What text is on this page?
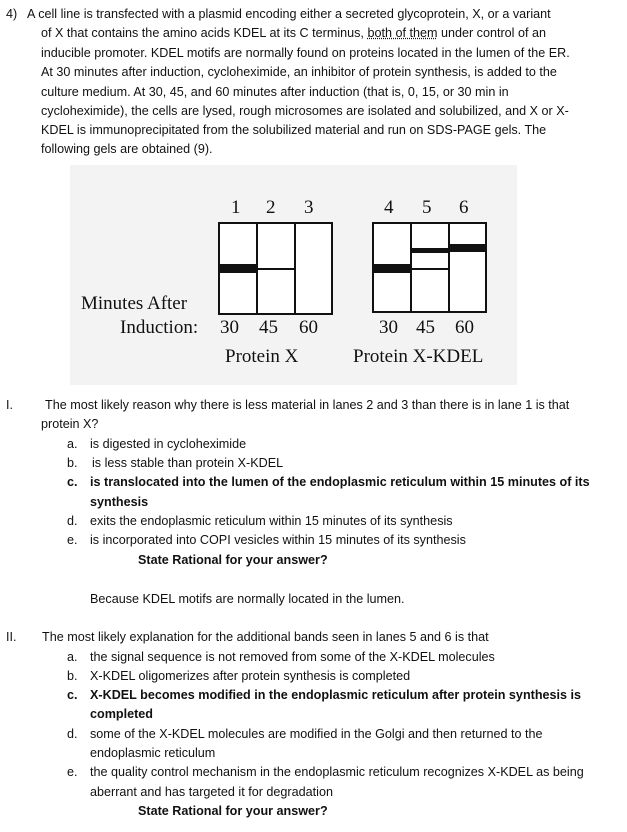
4) A cell line is transfected with a plasmid encoding either a secreted glycoprotein, X, or a variant
of X that contains the amino acids KDEL at its C terminus, both of them under control of an
inducible promoter. KDEL motifs are normally found on proteins located in the lumen of the ER.
At 30 minutes after induction, cycloheximide, an inhibitor of protein synthesis, is added to the
culture medium. At 30, 45, and 60 minutes after induction (that is, 0, 15, or 30 min in
cycloheximide), the cells are lysed, rough microsomes are isolated and solubilized, and X or X-
KDEL is immunoprecipitated from the solubilized material and run on SDS-PAGE gels. The
following gels are obtained (9).
1 2 3	4 5 6
Minutes After
Induction: 30 45 60	30 45 60
Protein X	Protein X-KDEL
I.	The most likely reason why there is less material in lanes 2 and 3 than there is in lane 1 is that
protein X?
a. is digested in cycloheximide
b. is less stable than protein X-KDEL
c. is translocated into the lumen of the endoplasmic reticulum within 15 minutes of its
synthesis
d. exits the endoplasmic reticulum within 15 minutes of its synthesis
e. is incorporated into COPI vesicles within 15 minutes of its synthesis
State Rational for your answer?
Because KDEL motifs are normally located in the lumen.
II. The most likely explanation for the additional bands seen in lanes 5 and 6 is that
a. the signal sequence is not removed from some of the X-KDEL molecules
b. X-KDEL oligomerizes after protein synthesis is completed
c. X-KDEL becomes modified in the endoplasmic reticulum after protein synthesis is
completed
d. some of the X-KDEL molecules are modified in the Golgi and then returned to the
endoplasmic reticulum
e. the quality control mechanism in the endoplasmic reticulum recognizes X-KDEL as being
aberrant and has targeted it for degradation
State Rational for your answer?
